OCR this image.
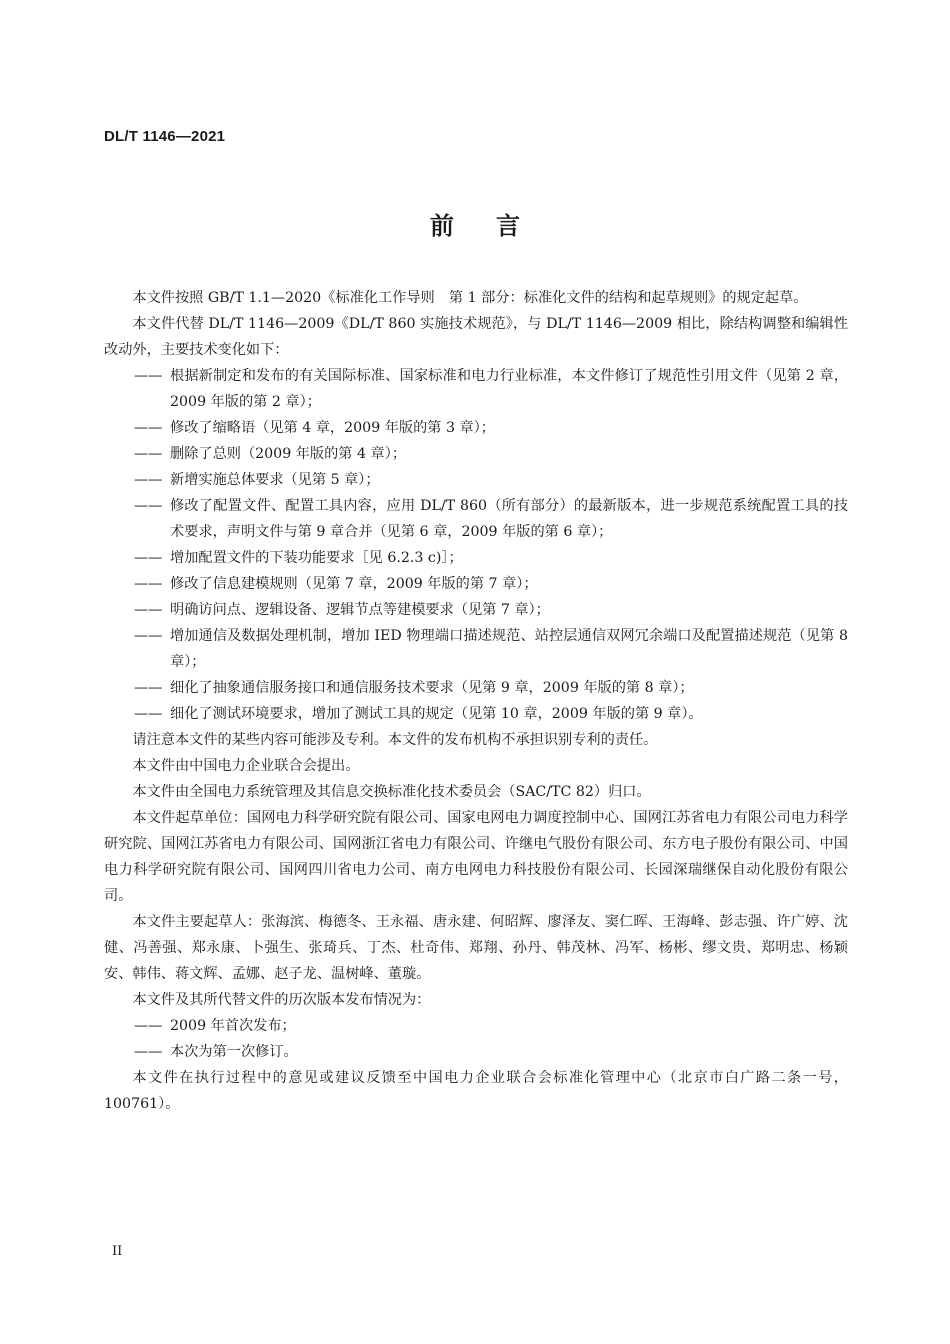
DL/T 1146—2021
前言

本文件按照 GB/T 1.1—2020《标准化工作导则　第 1 部分：标准化文件的结构和起草规则》的规定起草。

本文件代替 DL/T 1146—2009《DL/T 860 实施技术规范》，与 DL/T 1146—2009 相比，除结构调整和编辑性改动外，主要技术变化如下：

—— 根据新制定和发布的有关国际标准、国家标准和电力行业标准，本文件修订了规范性引用文件（见第 2 章，2009 年版的第 2 章）；
—— 修改了缩略语（见第 4 章，2009 年版的第 3 章）；
—— 删除了总则（2009 年版的第 4 章）；
—— 新增实施总体要求（见第 5 章）；
—— 修改了配置文件、配置工具内容，应用 DL/T 860（所有部分）的最新版本，进一步规范系统配置工具的技术要求，声明文件与第 9 章合并（见第 6 章，2009 年版的第 6 章）；
—— 增加配置文件的下装功能要求［见 6.2.3 c)］；
—— 修改了信息建模规则（见第 7 章，2009 年版的第 7 章）；
—— 明确访问点、逻辑设备、逻辑节点等建模要求（见第 7 章）；
—— 增加通信及数据处理机制，增加 IED 物理端口描述规范、站控层通信双网冗余端口及配置描述规范（见第 8 章）；
—— 细化了抽象通信服务接口和通信服务技术要求（见第 9 章，2009 年版的第 8 章）；
—— 细化了测试环境要求，增加了测试工具的规定（见第 10 章，2009 年版的第 9 章）。

请注意本文件的某些内容可能涉及专利。本文件的发布机构不承担识别专利的责任。

本文件由中国电力企业联合会提出。

本文件由全国电力系统管理及其信息交换标准化技术委员会（SAC/TC 82）归口。

本文件起草单位：国网电力科学研究院有限公司、国家电网电力调度控制中心、国网江苏省电力有限公司电力科学研究院、国网江苏省电力有限公司、国网浙江省电力有限公司、许继电气股份有限公司、东方电子股份有限公司、中国电力科学研究院有限公司、国网四川省电力公司、南方电网电力科技股份有限公司、长园深瑞继保自动化股份有限公司。

本文件主要起草人：张海滨、梅德冬、王永福、唐永建、何昭辉、廖泽友、窦仁晖、王海峰、彭志强、许广婷、沈健、冯善强、郑永康、卜强生、张琦兵、丁杰、杜奇伟、郑翔、孙丹、韩茂林、冯军、杨彬、缪文贵、郑明忠、杨颖安、韩伟、蒋文辉、孟娜、赵子龙、温树峰、董璇。

本文件及其所代替文件的历次版本发布情况为：

—— 2009 年首次发布；
—— 本次为第一次修订。

本文件在执行过程中的意见或建议反馈至中国电力企业联合会标准化管理中心（北京市白广路二条一号，100761）。

II
